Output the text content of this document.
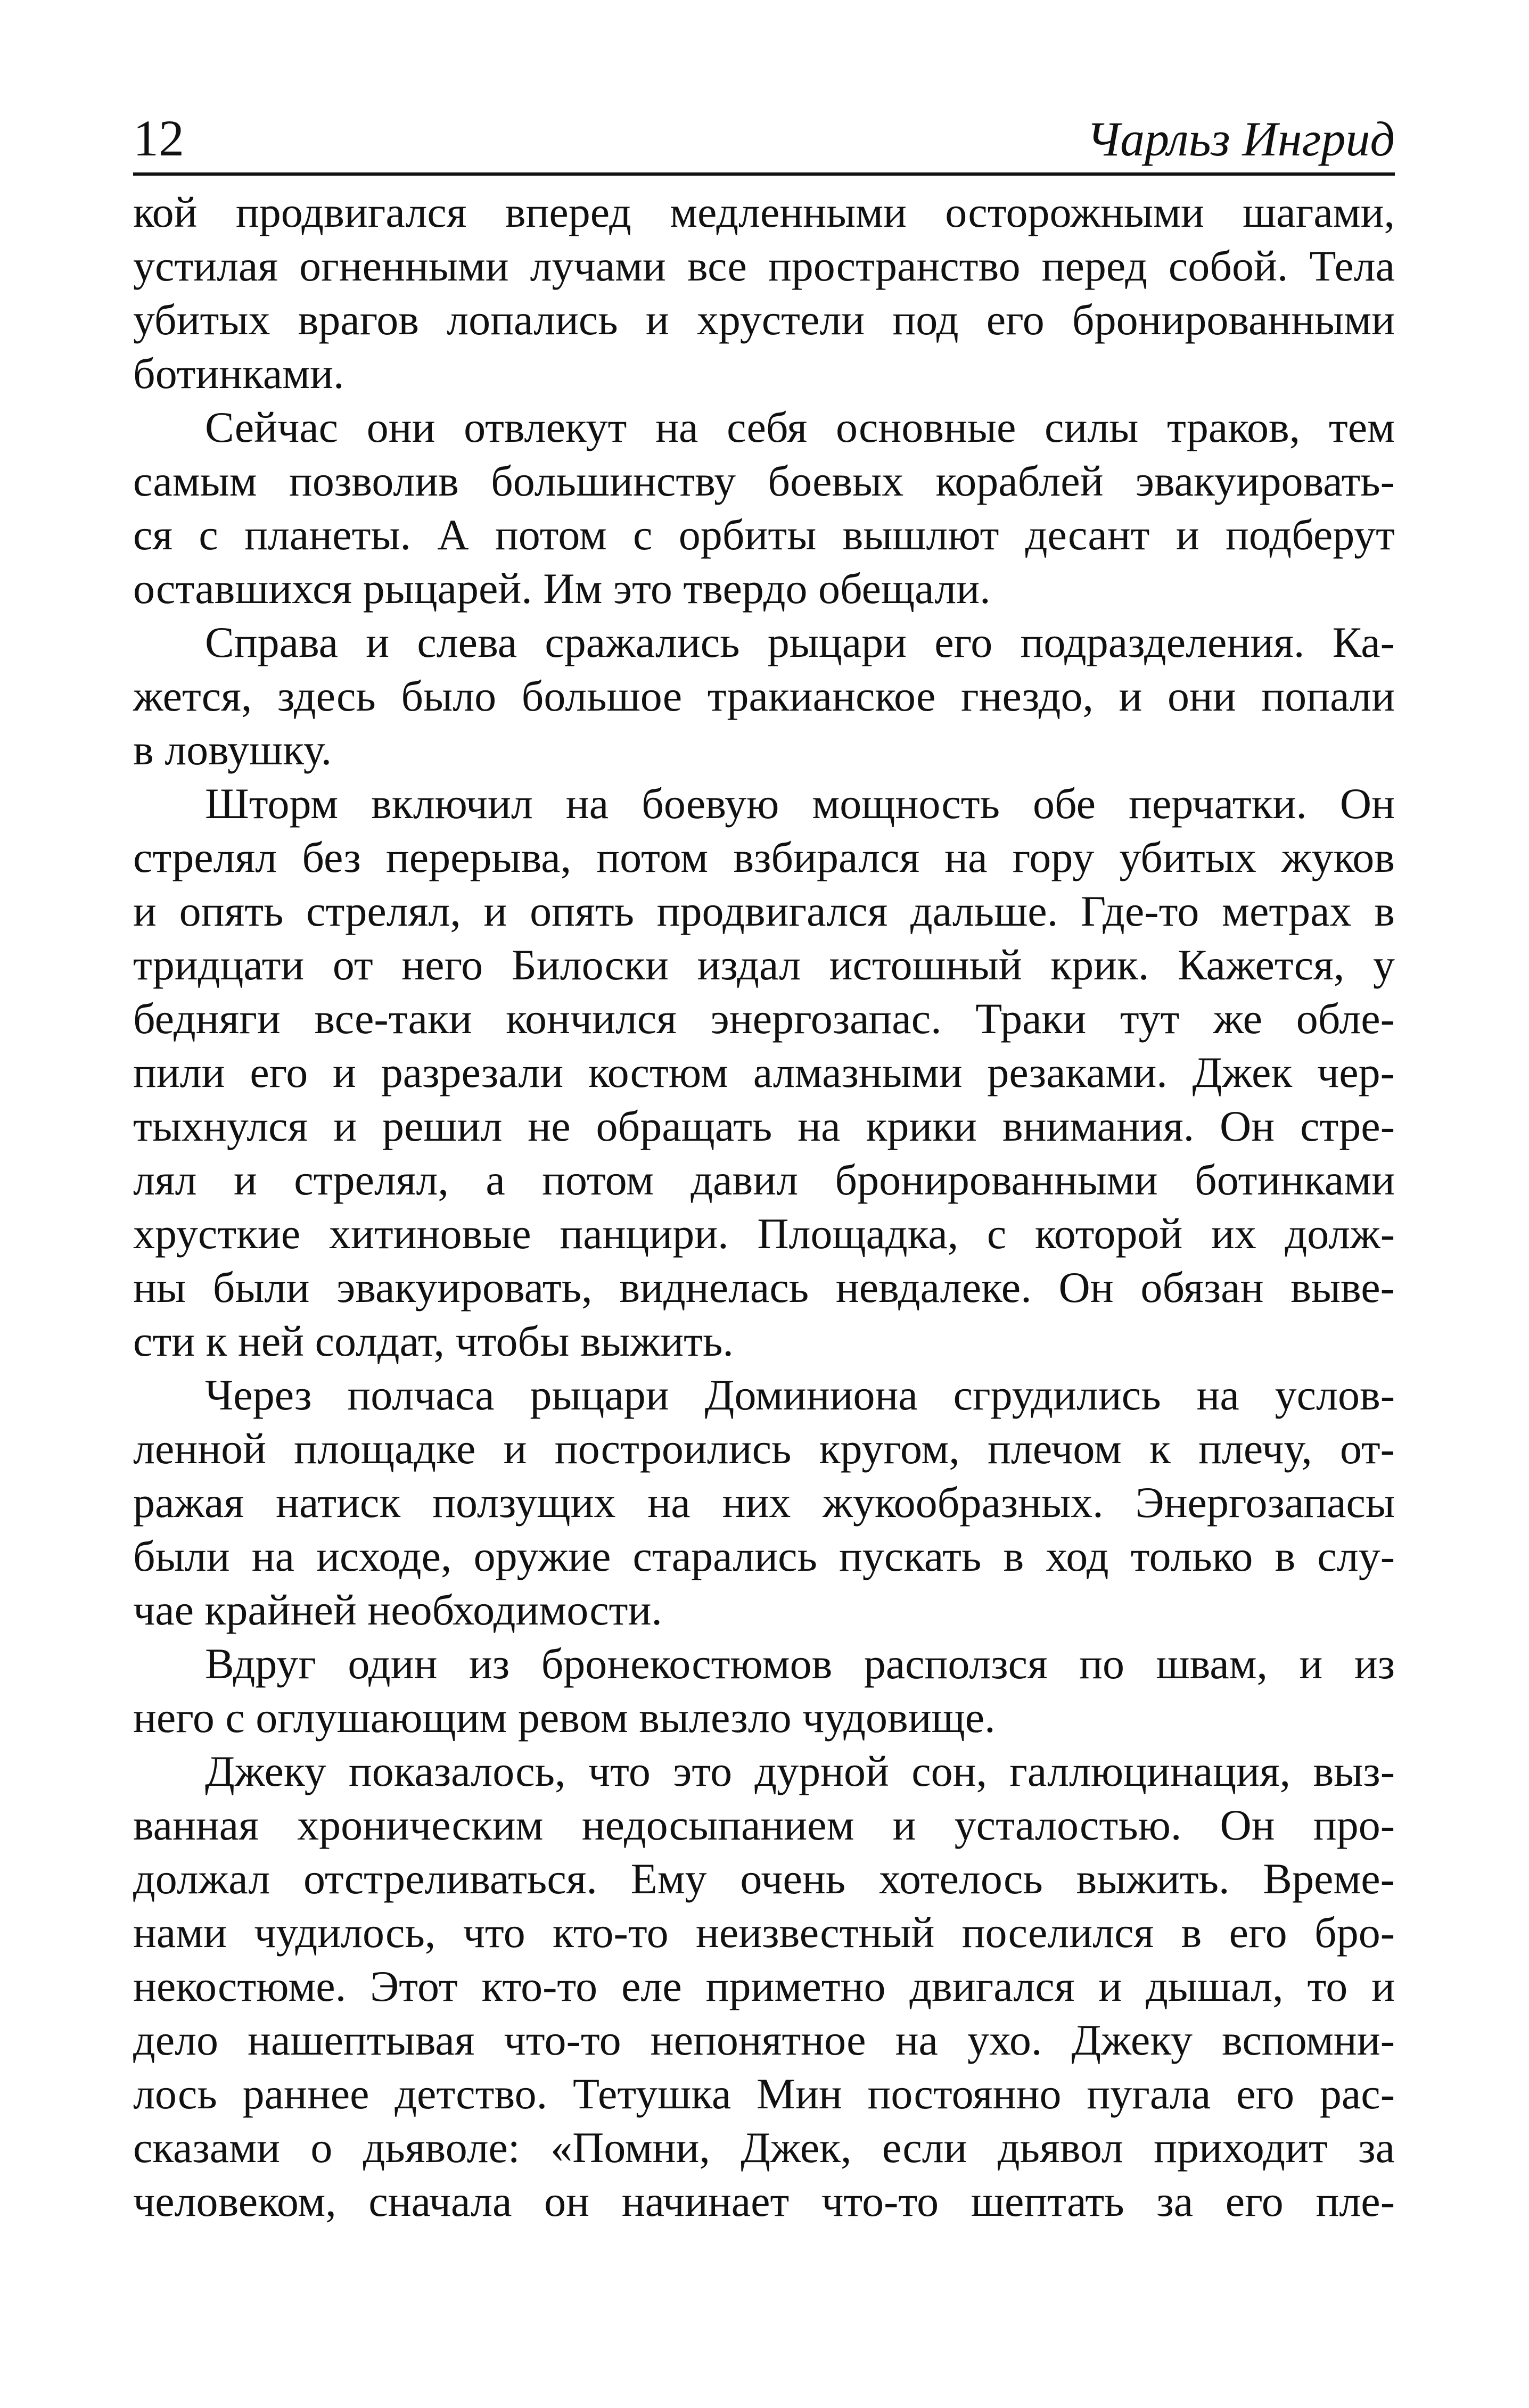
12	Чарльз Ингрид
кой продвигался вперед медленными осторожными шагами,
устилая огненными лучами все пространство перед собой. Тела
убитых врагов лопались и хрустели под его бронированными
ботинками.
Сейчас они отвлекут на себя основные силы траков, тем
самым позволив большинству боевых кораблей эвакуировать-
ся с планеты. А потом с орбиты вышлют десант и подберут
оставшихся рыцарей. Им это твердо обещали.
Справа и слева сражались рыцари его подразделения. Ка-
жется, здесь было большое тракианское гнездо, и они попали
в ловушку.
Шторм включил на боевую мощность обе перчатки. Он
стрелял без перерыва, потом взбирался на гору убитых жуков
и опять стрелял, и опять продвигался дальше. Где-то метрах в
тридцати от него Билоски издал истошный крик. Кажется, у
бедняги все-таки кончился энергозапас. Траки тут же обле-
пили его и разрезали костюм алмазными резаками. Джек чер-
тыхнулся и решил не обращать на крики внимания. Он стре-
лял и стрелял, а потом давил бронированными ботинками
хрусткие хитиновые панцири. Площадка, с которой их долж-
ны были эвакуировать, виднелась невдалеке. Он обязан выве-
сти к ней солдат, чтобы выжить.
Через полчаса рыцари Доминиона сгрудились на услов-
ленной площадке и построились кругом, плечом к плечу, от-
ражая натиск ползущих на них жукообразных. Энергозапасы
были на исходе, оружие старались пускать в ход только в слу-
чае крайней необходимости.
Вдруг один из бронекостюмов расползся по швам, и из
него с оглушающим ревом вылезло чудовище.
Джеку показалось, что это дурной сон, галлюцинация, выз-
ванная хроническим недосыпанием и усталостью. Он про-
должал отстреливаться. Ему очень хотелось выжить. Време-
нами чудилось, что кто-то неизвестный поселился в его бро-
некостюме. Этот кто-то еле приметно двигался и дышал, то и
дело нашептывая что-то непонятное на ухо. Джеку вспомни-
лось раннее детство. Тетушка Мин постоянно пугала его рас-
сказами о дьяволе: «Помни, Джек, если дьявол приходит за
человеком, сначала он начинает что-то шептать за его пле-
